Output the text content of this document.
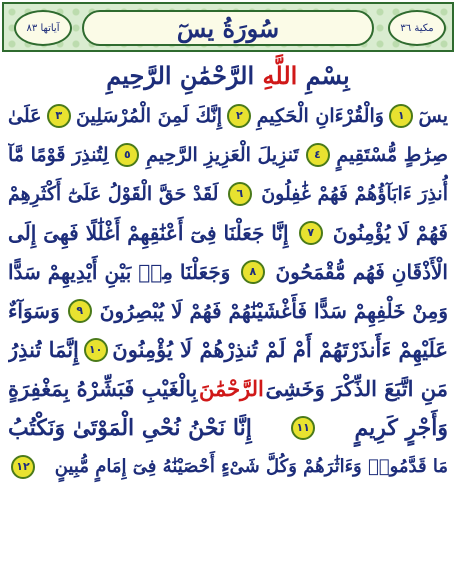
آياتها ٨٣	سُورَةُ يسٓ	مكية ٣٦
بِسْمِ

اللَّهِ

الرَّحْمَٰنِ الرَّحِيمِ
يسٓ
١
وَالْقُرْءَانِ الْحَكِيمِ
٢
إِنَّكَ لَمِنَ الْمُرْسَلِينَ
٣
عَلَىٰ
صِرَٰطٍ مُّسْتَقِيمٍ
٤
تَنزِيلَ الْعَزِيزِ الرَّحِيمِ
٥
لِتُنذِرَ قَوْمًا مَّآ
أُنذِرَ ءَابَآؤُهُمْ فَهُمْ غَٰفِلُونَ
٦
لَقَدْ حَقَّ الْقَوْلُ عَلَىٰٓ أَكْثَرِهِمْ
فَهُمْ لَا يُؤْمِنُونَ
٧
إِنَّا جَعَلْنَا فِىٓ أَعْنَٰقِهِمْ أَغْلَٰلًا فَهِىَ إِلَى
الْأَذْقَانِ فَهُم مُّقْمَحُونَ
٨
وَجَعَلْنَا مِنۢ بَيْنِ أَيْدِيهِمْ سَدًّا
وَمِنْ خَلْفِهِمْ سَدًّا فَأَغْشَيْنَٰهُمْ فَهُمْ لَا يُبْصِرُونَ
٩
وَسَوَآءٌ
عَلَيْهِمْ ءَأَنذَرْتَهُمْ أَمْ لَمْ تُنذِرْهُمْ لَا يُؤْمِنُونَ
١٠
إِنَّمَا تُنذِرُ
مَنِ اتَّبَعَ الذِّكْرَ وَخَشِىَ
الرَّحْمَٰنَ
بِالْغَيْبِ فَبَشِّرْهُ بِمَغْفِرَةٍ
وَأَجْرٍ كَرِيمٍ
١١
إِنَّا نَحْنُ نُحْىِ الْمَوْتَىٰ وَنَكْتُبُ
مَا قَدَّمُوا۟ وَءَاثَٰرَهُمْ وَكُلَّ شَىْءٍ أَحْصَيْنَٰهُ فِىٓ إِمَامٍ مُّبِينٍ
١٢
